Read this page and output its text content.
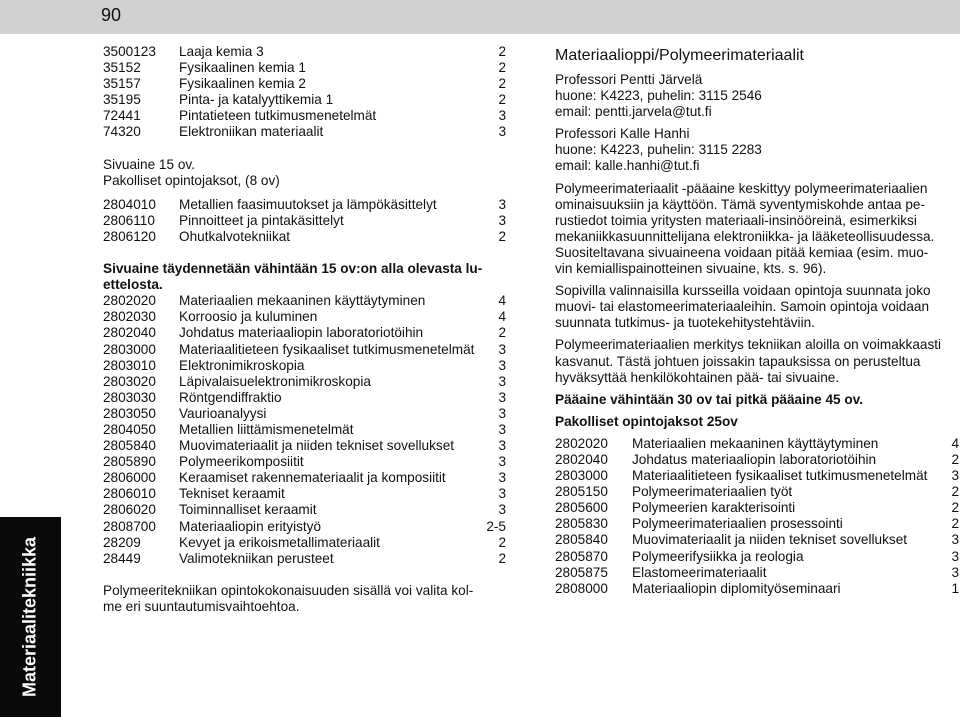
90
Materiaalitekniikka
3500123	Laaja kemia 3	2
35152	Fysikaalinen kemia 1	2
35157	Fysikaalinen kemia 2	2
35195	Pinta- ja katalyyttikemia 1	2
72441	Pintatieteen tutkimusmenetelmät	3
74320	Elektroniikan materiaalit	3

Sivuaine 15 ov.

Pakolliset opintojaksot, (8 ov)

2804010	Metallien faasimuutokset ja lämpökäsittelyt	3
2806110	Pinnoitteet ja pintakäsittelyt	3
2806120	Ohutkalvotekniikat	2

Sivuaine täydennetään vähintään 15 ov:on alla olevasta lu-

ettelosta.

2802020	Materiaalien mekaaninen käyttäytyminen	4
2802030	Korroosio ja kuluminen	4
2802040	Johdatus materiaaliopin laboratoriotöihin	2
2803000	Materiaalitieteen fysikaaliset tutkimusmenetelmät	3
2803010	Elektronimikroskopia	3
2803020	Läpivalaisuelektronimikroskopia	3
2803030	Röntgendiffraktio	3
2803050	Vaurioanalyysi	3
2804050	Metallien liittämismenetelmät	3
2805840	Muovimateriaalit ja niiden tekniset sovellukset	3
2805890	Polymeerikomposiitit	3
2806000	Keraamiset rakennemateriaalit ja komposiitit	3
2806010	Tekniset keraamit	3
2806020	Toiminnalliset keraamit	3
2808700	Materiaaliopin erityistyö	2-5
28209	Kevyet ja erikoismetallimateriaalit	2
28449	Valimotekniikan perusteet	2

Polymeeritekniikan opintokokonaisuuden sisällä voi valita kol-

me eri suuntautumisvaihtoehtoa.

Materiaalioppi/Polymeerimateriaalit

Professori Pentti Järvelä

huone: K4223, puhelin: 3115 2546

email: pentti.jarvela@tut.fi

Professori Kalle Hanhi

huone: K4223, puhelin: 3115 2283

email: kalle.hanhi@tut.fi

Polymeerimateriaalit -pääaine keskittyy polymeerimateriaalien

ominaisuuksiin ja käyttöön. Tämä syventymiskohde antaa pe-

rustiedot toimia yritysten materiaali-insinööreinä, esimerkiksi

mekaniikkasuunnittelijana elektroniikka- ja lääketeollisuudessa.

Suositeltavana sivuaineena voidaan pitää kemiaa (esim. muo-

vin kemiallispainotteinen sivuaine, kts. s. 96).

Sopivilla valinnaisilla kursseilla voidaan opintoja suunnata joko

muovi- tai elastomeerimateriaaleihin. Samoin opintoja voidaan

suunnata tutkimus- ja tuotekehitystehtäviin.

Polymeerimateriaalien merkitys tekniikan aloilla on voimakkaasti

kasvanut. Tästä johtuen joissakin tapauksissa on perusteltua

hyväksyttää henkilökohtainen pää- tai sivuaine.

Pääaine vähintään 30 ov tai pitkä pääaine 45 ov.

Pakolliset opintojaksot 25ov

2802020	Materiaalien mekaaninen käyttäytyminen	4
2802040	Johdatus materiaaliopin laboratoriotöihin	2
2803000	Materiaalitieteen fysikaaliset tutkimusmenetelmät	3
2805150	Polymeerimateriaalien työt	2
2805600	Polymeerien karakterisointi	2
2805830	Polymeerimateriaalien prosessointi	2
2805840	Muovimateriaalit ja niiden tekniset sovellukset	3
2805870	Polymeerifysiikka ja reologia	3
2805875	Elastomeerimateriaalit	3
2808000	Materiaaliopin diplomityöseminaari	1
